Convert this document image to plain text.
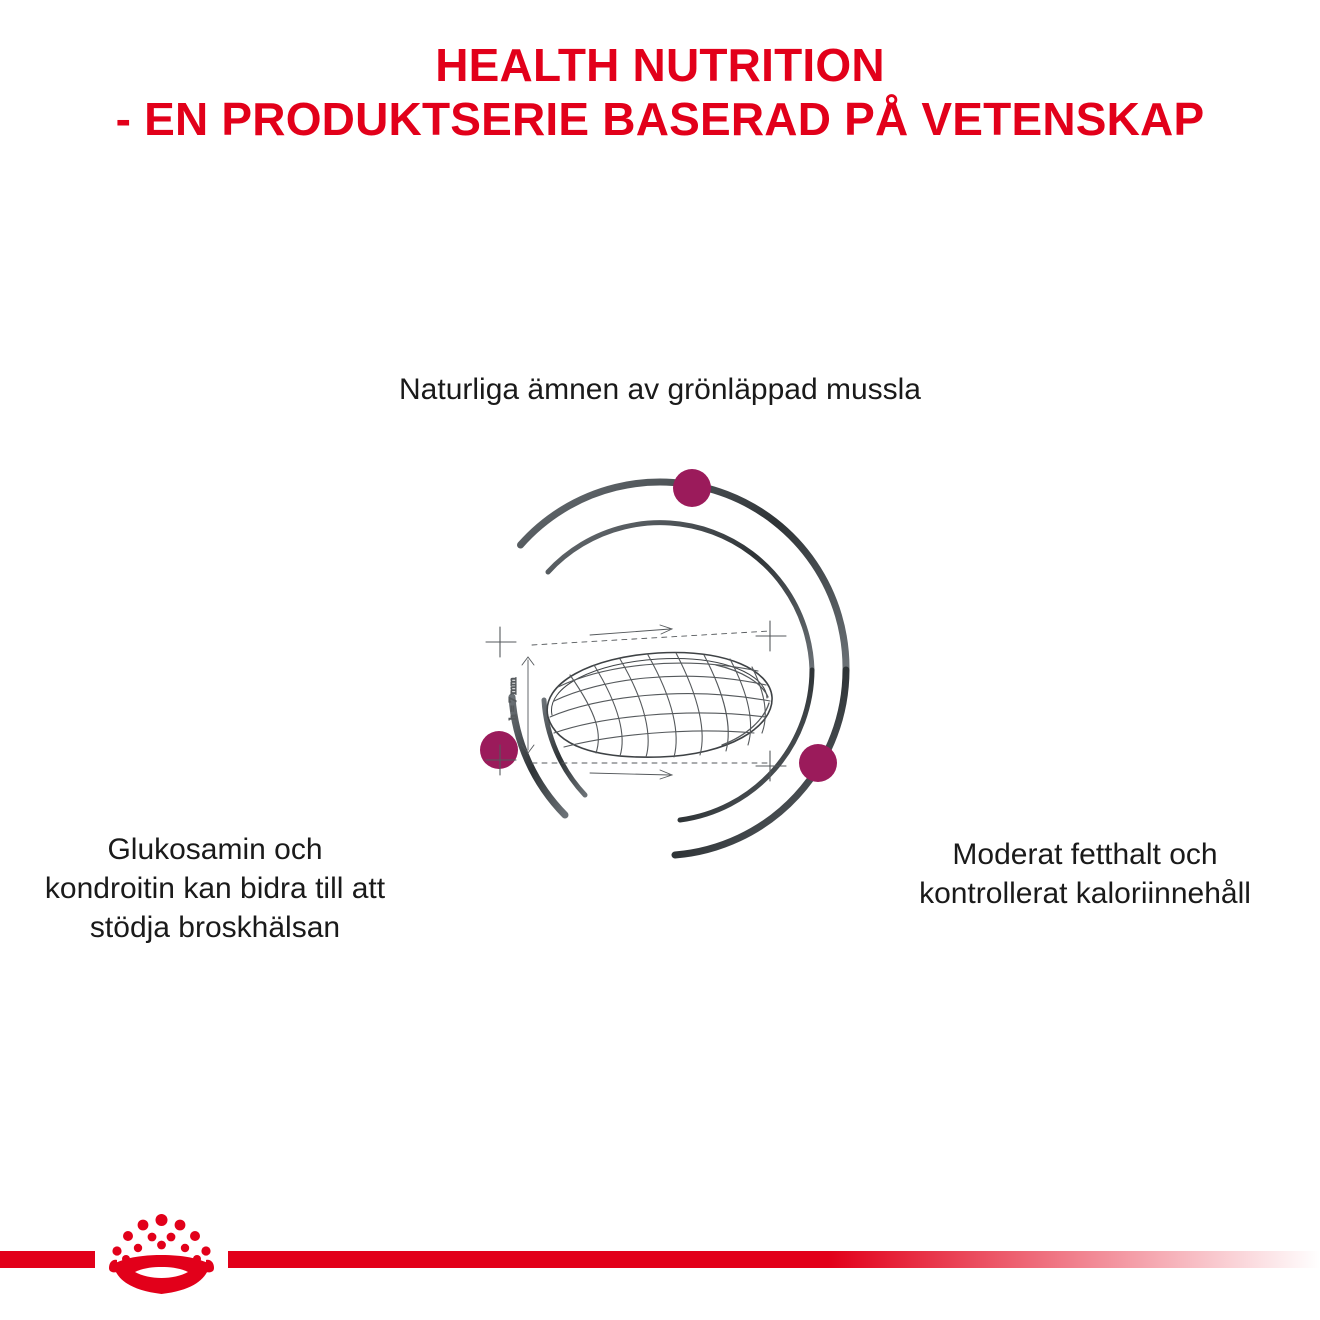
HEALTH NUTRITION
- EN PRODUKTSERIE BASERAD PÅ VETENSKAP
h = 7 mm
Naturliga ämnen av grönläppad mussla
Glukosamin och kondroitin kan bidra till att stödja broskhälsan
Moderat fetthalt och kontrollerat kaloriinnehåll
